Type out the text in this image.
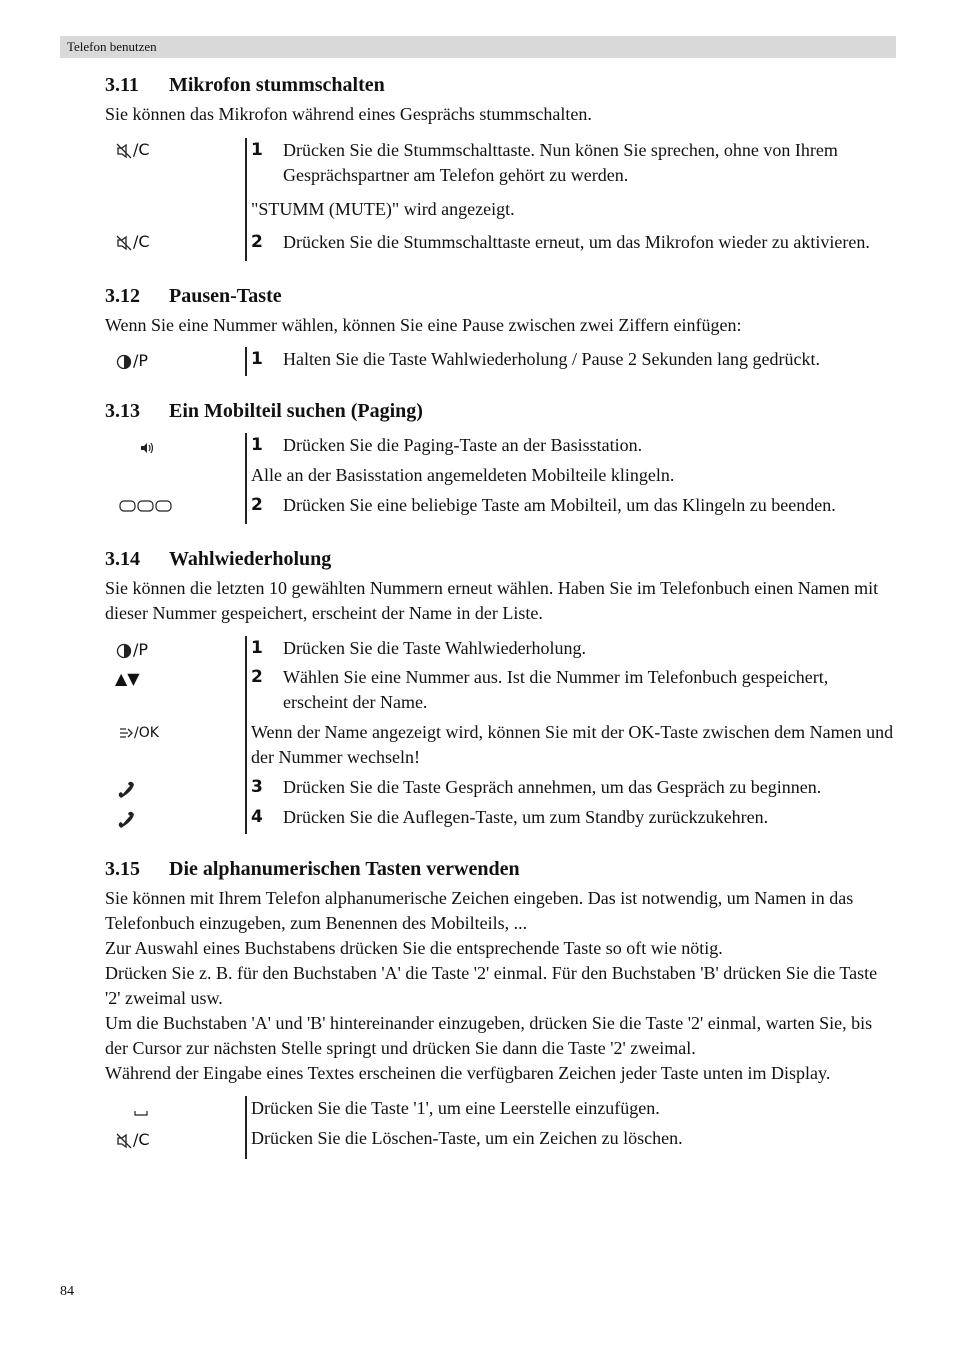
Telefon benutzen
3.11 Mikrofon stummschalten

Sie können das Mikrofon während eines Gesprächs stummschalten.

/C	1	Drücken Sie die Stummschalttaste. Nun könen Sie sprechen, ohne von Ihrem Gesprächspartner am Telefon gehört zu werden.
"STUMM (MUTE)" wird angezeigt.
/C	2	Drücken Sie die Stummschalttaste erneut, um das Mikrofon wieder zu aktivieren.
3.12 Pausen-Taste

Wenn Sie eine Nummer wählen, können Sie eine Pause zwischen zwei Ziffern einfügen:

/P	1	Halten Sie die Taste Wahlwiederholung / Pause 2 Sekunden lang gedrückt.
3.13 Ein Mobilteil suchen (Paging)
1	Drücken Sie die Paging-Taste an der Basisstation.
Alle an der Basisstation angemeldeten Mobilteile klingeln.
2	Drücken Sie eine beliebige Taste am Mobilteil, um das Klingeln zu beenden.
3.14 Wahlwiederholung

Sie können die letzten 10 gewählten Nummern erneut wählen. Haben Sie im Telefonbuch einen Namen mit dieser Nummer gespeichert, erscheint der Name in der Liste.

/P	1	Drücken Sie die Taste Wahlwiederholung.
▲▼	2	Wählen Sie eine Nummer aus. Ist die Nummer im Telefonbuch gespeichert, erscheint der Name.
/OK	Wenn der Name angezeigt wird, können Sie mit der OK-Taste zwischen dem Namen und der Nummer wechseln!
3	Drücken Sie die Taste Gespräch annehmen, um das Gespräch zu beginnen.
4	Drücken Sie die Auflegen-Taste, um zum Standby zurückzukehren.
3.15 Die alphanumerischen Tasten verwenden

Sie können mit Ihrem Telefon alphanumerische Zeichen eingeben. Das ist notwendig, um Namen in das Telefonbuch einzugeben, zum Benennen des Mobilteils, ...

Zur Auswahl eines Buchstabens drücken Sie die entsprechende Taste so oft wie nötig.

Drücken Sie z. B. für den Buchstaben 'A' die Taste '2' einmal. Für den Buchstaben 'B' drücken Sie die Taste '2' zweimal usw.

Um die Buchstaben 'A' und 'B' hintereinander einzugeben, drücken Sie die Taste '2' einmal, warten Sie, bis der Cursor zur nächsten Stelle springt und drücken Sie dann die Taste '2' zweimal.

Während der Eingabe eines Textes erscheinen die verfügbaren Zeichen jeder Taste unten im Display.

Drücken Sie die Taste '1', um eine Leerstelle einzufügen.
/C	Drücken Sie die Löschen-Taste, um ein Zeichen zu löschen.
84
